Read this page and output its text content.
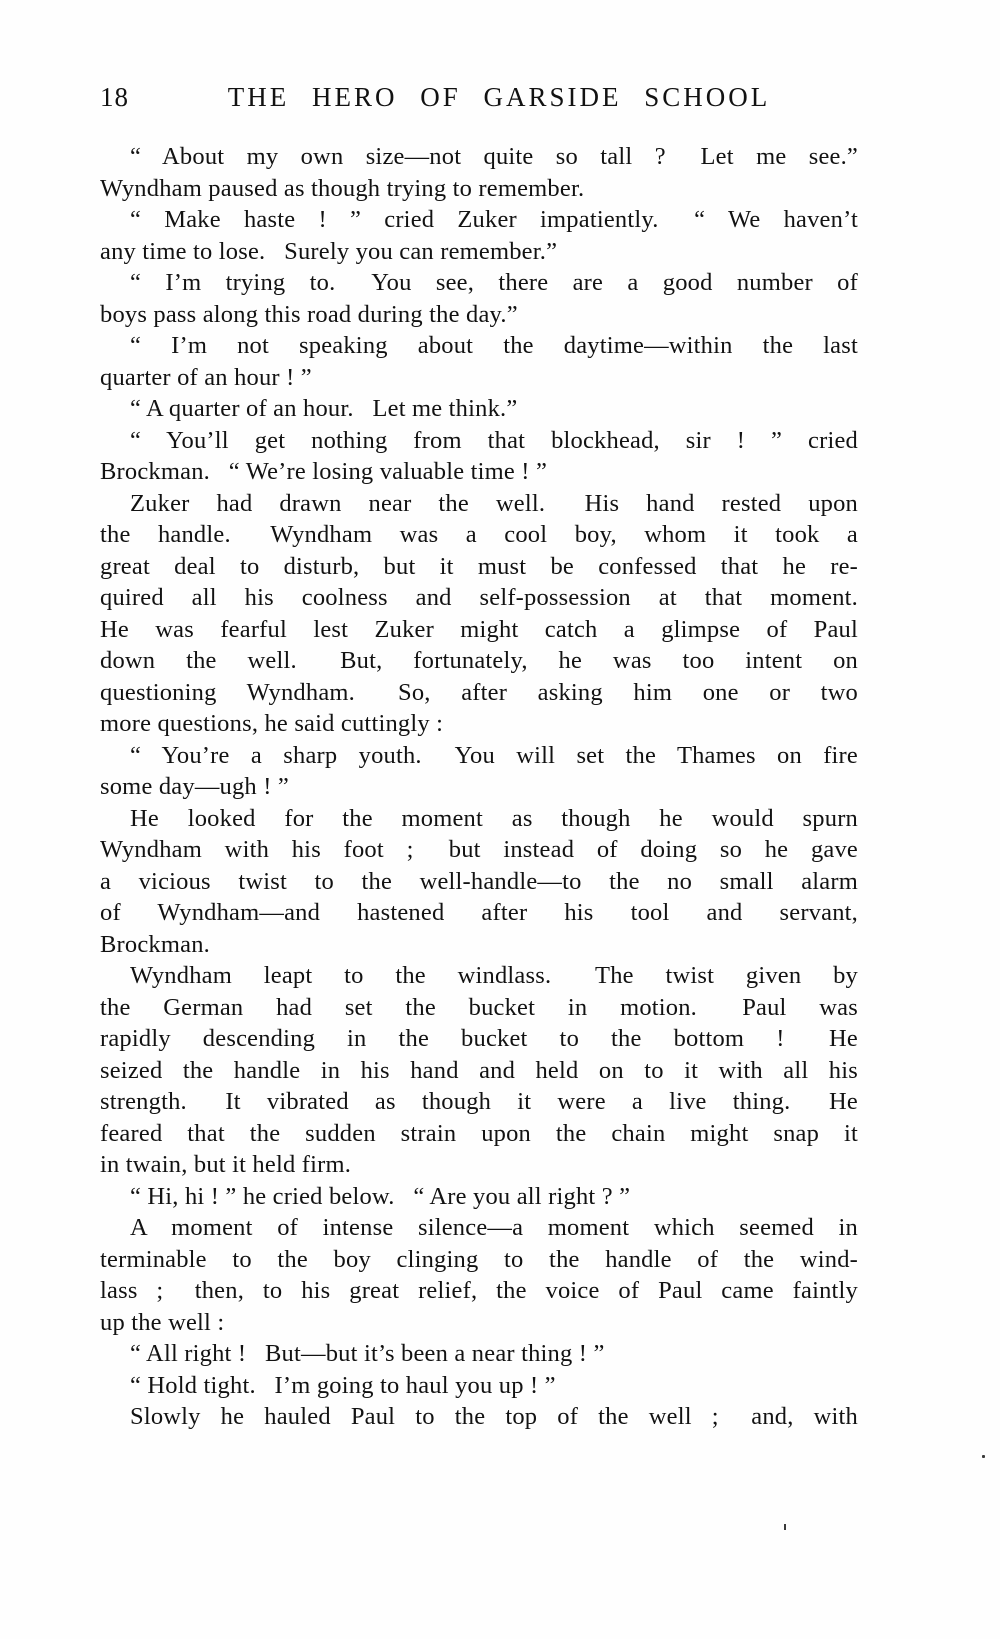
18	THE HERO OF GARSIDE SCHOOL
“ About my own size—not quite so tall ?  Let me see.”
Wyndham paused as though trying to remember.
“ Make haste ! ” cried Zuker impatiently.  “ We haven’t
any time to lose.  Surely you can remember.”
“ I’m trying to.  You see, there are a good number of
boys pass along this road during the day.”
“ I’m not speaking about the daytime—within the last
quarter of an hour ! ”
“ A quarter of an hour.  Let me think.”
“ You’ll get nothing from that blockhead, sir ! ” cried
Brockman.  “ We’re losing valuable time ! ”
Zuker had drawn near the well.  His hand rested upon
the handle.  Wyndham was a cool boy, whom it took a
great deal to disturb, but it must be confessed that he re-
quired all his coolness and self-possession at that moment.
He was fearful lest Zuker might catch a glimpse of Paul
down the well.  But, fortunately, he was too intent on
questioning Wyndham.  So, after asking him one or two
more questions, he said cuttingly :
“ You’re a sharp youth.  You will set the Thames on fire
some day—ugh ! ”
He looked for the moment as though he would spurn
Wyndham with his foot ;  but instead of doing so he gave
a vicious twist to the well-handle—to the no small alarm
of Wyndham—and hastened after his tool and servant,
Brockman.
Wyndham leapt to the windlass.  The twist given by
the German had set the bucket in motion.  Paul was
rapidly descending in the bucket to the bottom !  He
seized the handle in his hand and held on to it with all his
strength.  It vibrated as though it were a live thing.  He
feared that the sudden strain upon the chain might snap it
in twain, but it held firm.
“ Hi, hi ! ” he cried below.  “ Are you all right ? ”
A moment of intense silence—a moment which seemed in
terminable to the boy clinging to the handle of the wind-
lass ;  then, to his great relief, the voice of Paul came faintly
up the well :
“ All right !  But—but it’s been a near thing ! ”
“ Hold tight.  I’m going to haul you up ! ”
Slowly he hauled Paul to the top of the well ;  and, with
